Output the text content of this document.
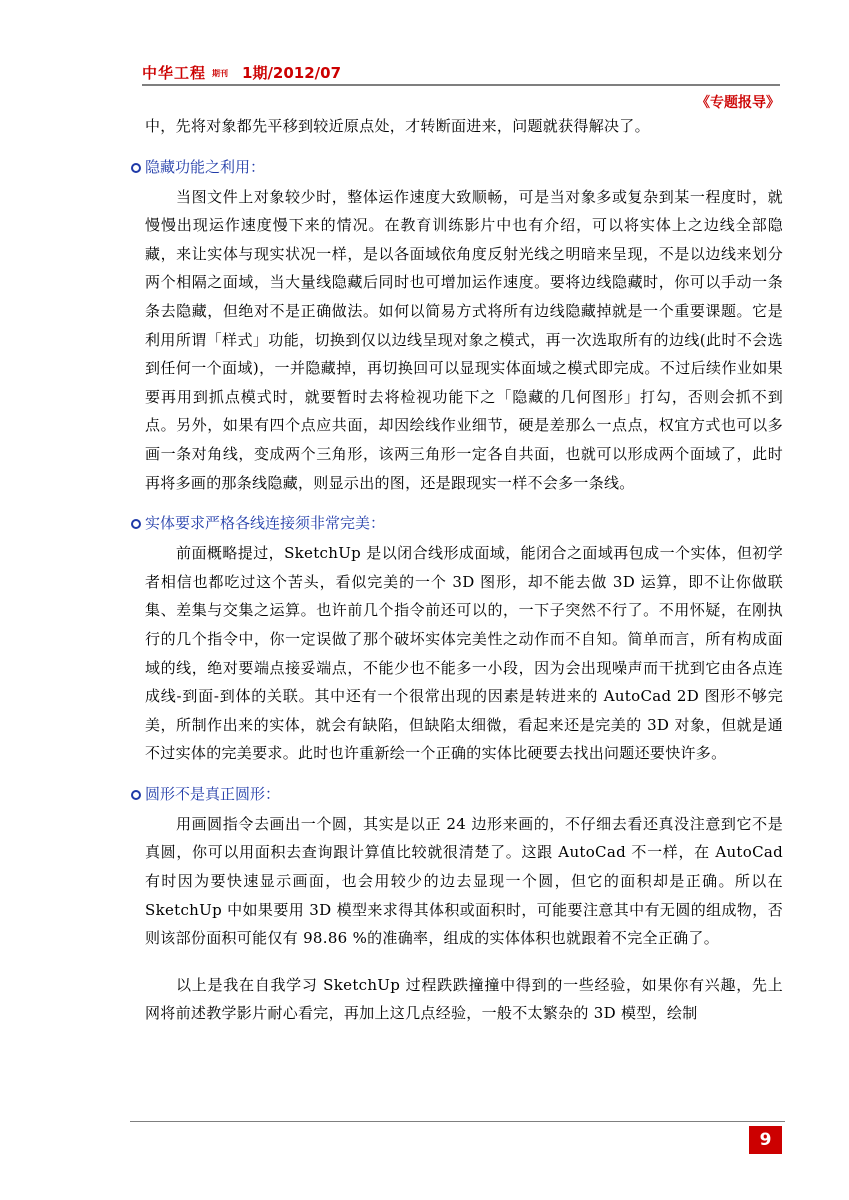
中华工程 期刊 1期/2012/07
《专题报导》

中，先将对象都先平移到较近原点处，才转断面进来，问题就获得解决了。

隐藏功能之利用：

当图文件上对象较少时，整体运作速度大致顺畅，可是当对象多或复杂到某一程度时，就慢慢出现运作速度慢下来的情况。在教育训练影片中也有介绍，可以将实体上之边线全部隐藏，来让实体与现实状况一样，是以各面域依角度反射光线之明暗来呈现，不是以边线来划分两个相隔之面域，当大量线隐藏后同时也可增加运作速度。要将边线隐藏时，你可以手动一条条去隐藏，但绝对不是正确做法。如何以简易方式将所有边线隐藏掉就是一个重要课题。它是利用所谓「样式」功能，切换到仅以边线呈现对象之模式，再一次选取所有的边线(此时不会选到任何一个面域)，一并隐藏掉，再切换回可以显现实体面域之模式即完成。不过后续作业如果要再用到抓点模式时，就要暂时去将检视功能下之「隐藏的几何图形」打勾，否则会抓不到点。另外，如果有四个点应共面，却因绘线作业细节，硬是差那么一点点，权宜方式也可以多画一条对角线，变成两个三角形，该两三角形一定各自共面，也就可以形成两个面域了，此时再将多画的那条线隐藏，则显示出的图，还是跟现实一样不会多一条线。

实体要求严格各线连接须非常完美：

前面概略提过，SketchUp 是以闭合线形成面域，能闭合之面域再包成一个实体，但初学者相信也都吃过这个苦头，看似完美的一个 3D 图形，却不能去做 3D 运算，即不让你做联集、差集与交集之运算。也许前几个指令前还可以的，一下子突然不行了。不用怀疑，在刚执行的几个指令中，你一定误做了那个破坏实体完美性之动作而不自知。简单而言，所有构成面域的线，绝对要端点接妥端点，不能少也不能多一小段，因为会出现噪声而干扰到它由各点连成线-到面-到体的关联。其中还有一个很常出现的因素是转进来的 AutoCad 2D 图形不够完美，所制作出来的实体，就会有缺陷，但缺陷太细微，看起来还是完美的 3D 对象，但就是通不过实体的完美要求。此时也许重新绘一个正确的实体比硬要去找出问题还要快许多。

圆形不是真正圆形：

用画圆指令去画出一个圆，其实是以正 24 边形来画的，不仔细去看还真没注意到它不是真圆，你可以用面积去查询跟计算值比较就很清楚了。这跟 AutoCad 不一样，在 AutoCad 有时因为要快速显示画面，也会用较少的边去显现一个圆，但它的面积却是正确。所以在 SketchUp 中如果要用 3D 模型来求得其体积或面积时，可能要注意其中有无圆的组成物，否则该部份面积可能仅有 98.86 %的准确率，组成的实体体积也就跟着不完全正确了。

以上是我在自我学习 SketchUp 过程跌跌撞撞中得到的一些经验，如果你有兴趣，先上网将前述教学影片耐心看完，再加上这几点经验，一般不太繁杂的 3D 模型，绘制

9
